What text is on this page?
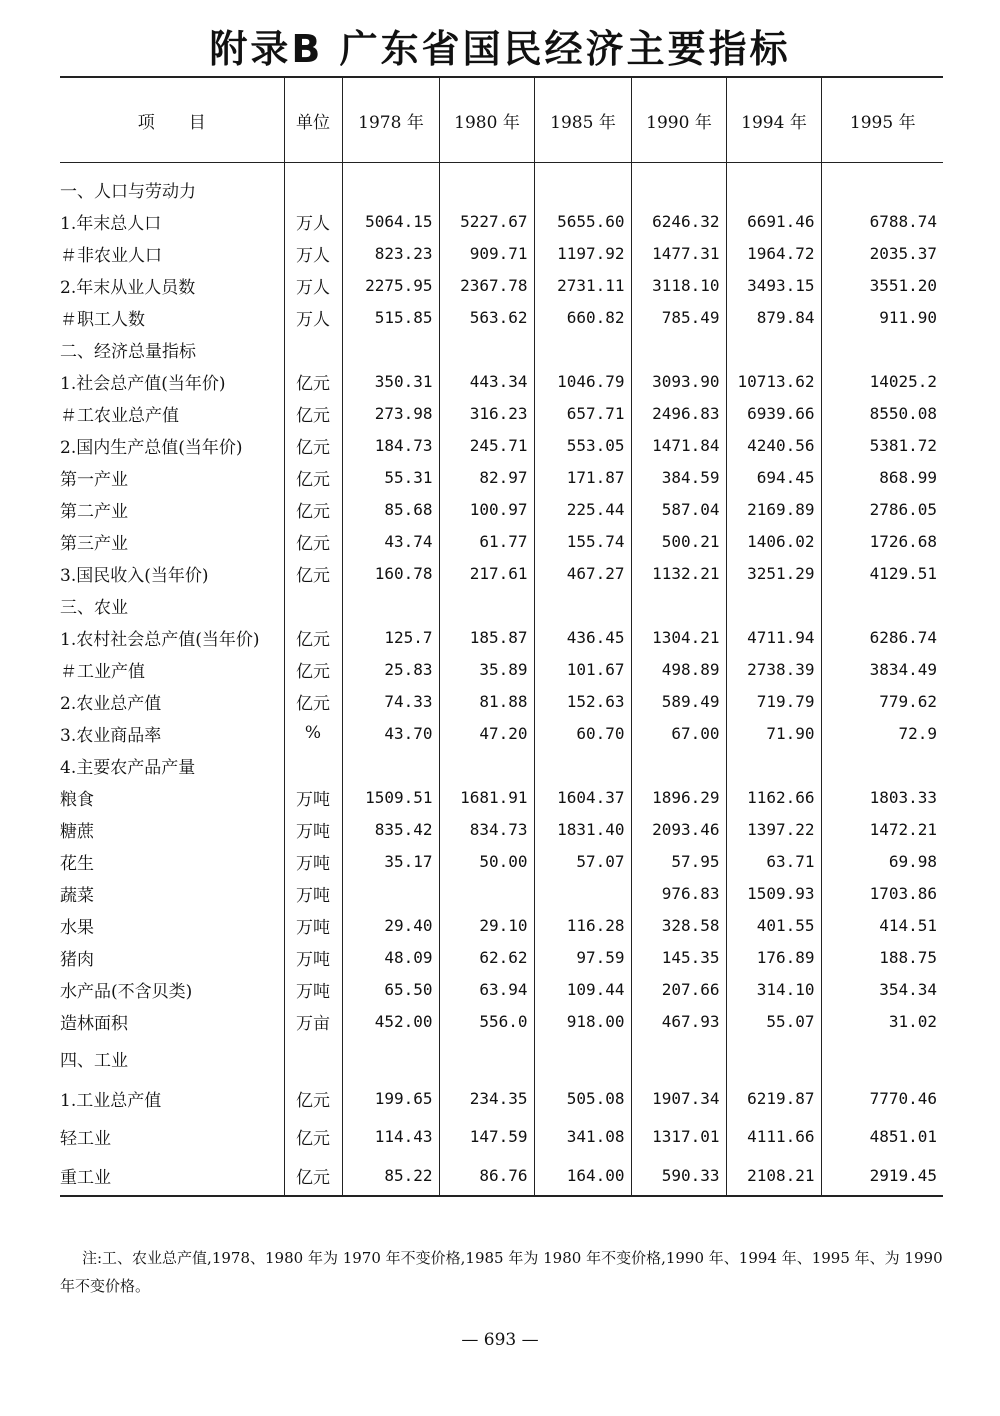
附录B 广东省国民经济主要指标
项　　目	单位	1978 年	1980 年	1985 年	1990 年	1994 年	1995 年
一、人口与劳动力							
1.年末总人口	万人	5064.15	5227.67	5655.60	6246.32	6691.46	6788.74
＃非农业人口	万人	823.23	909.71	1197.92	1477.31	1964.72	2035.37
2.年末从业人员数	万人	2275.95	2367.78	2731.11	3118.10	3493.15	3551.20
＃职工人数	万人	515.85	563.62	660.82	785.49	879.84	911.90
二、经济总量指标							
1.社会总产值(当年价)	亿元	350.31	443.34	1046.79	3093.90	10713.62	14025.2
＃工农业总产值	亿元	273.98	316.23	657.71	2496.83	6939.66	8550.08
2.国内生产总值(当年价)	亿元	184.73	245.71	553.05	1471.84	4240.56	5381.72
第一产业	亿元	55.31	82.97	171.87	384.59	694.45	868.99
第二产业	亿元	85.68	100.97	225.44	587.04	2169.89	2786.05
第三产业	亿元	43.74	61.77	155.74	500.21	1406.02	1726.68
3.国民收入(当年价)	亿元	160.78	217.61	467.27	1132.21	3251.29	4129.51
三、农业							
1.农村社会总产值(当年价)	亿元	125.7	185.87	436.45	1304.21	4711.94	6286.74
＃工业产值	亿元	25.83	35.89	101.67	498.89	2738.39	3834.49
2.农业总产值	亿元	74.33	81.88	152.63	589.49	719.79	779.62
3.农业商品率	%	43.70	47.20	60.70	67.00	71.90	72.9
4.主要农产品产量							
粮食	万吨	1509.51	1681.91	1604.37	1896.29	1162.66	1803.33
糖蔗	万吨	835.42	834.73	1831.40	2093.46	1397.22	1472.21
花生	万吨	35.17	50.00	57.07	57.95	63.71	69.98
蔬菜	万吨				976.83	1509.93	1703.86
水果	万吨	29.40	29.10	116.28	328.58	401.55	414.51
猪肉	万吨	48.09	62.62	97.59	145.35	176.89	188.75
水产品(不含贝类)	万吨	65.50	63.94	109.44	207.66	314.10	354.34
造林面积	万亩	452.00	556.0	918.00	467.93	55.07	31.02
四、工业							
1.工业总产值	亿元	199.65	234.35	505.08	1907.34	6219.87	7770.46
轻工业	亿元	114.43	147.59	341.08	1317.01	4111.66	4851.01
重工业	亿元	85.22	86.76	164.00	590.33	2108.21	2919.45
注:工、农业总产值,1978、1980 年为 1970 年不变价格,1985 年为 1980 年不变价格,1990 年、1994 年、1995 年、为 1990 年不变价格。
— 693 —
